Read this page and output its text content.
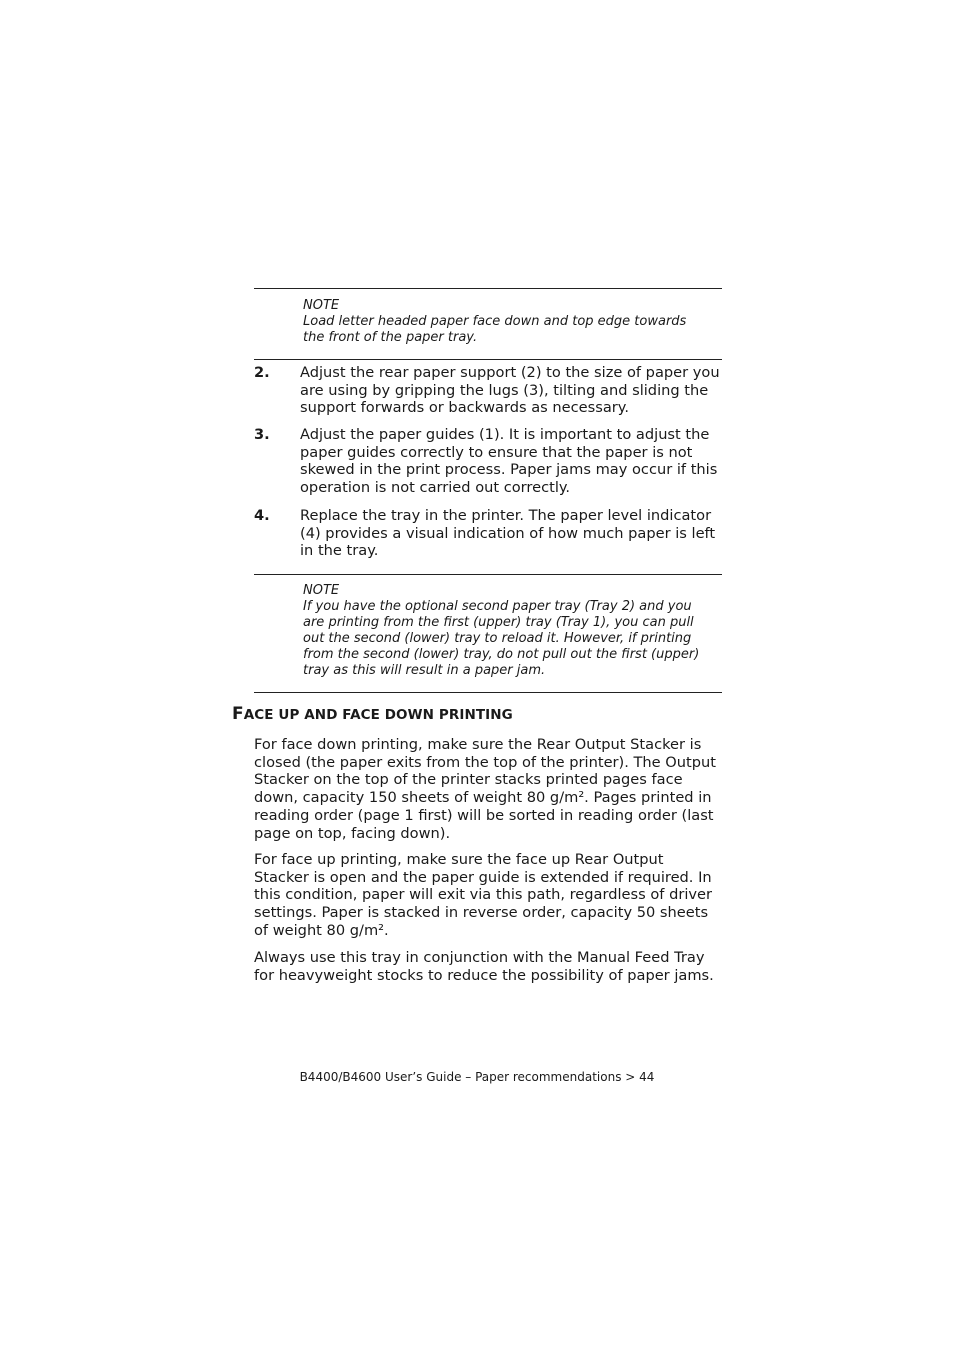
NOTE
Load letter headed paper face down and top edge towards the front of the paper tray.
2. Adjust the rear paper support (2) to the size of paper you are using by gripping the lugs (3), tilting and sliding the support forwards or backwards as necessary.
3. Adjust the paper guides (1). It is important to adjust the paper guides correctly to ensure that the paper is not skewed in the print process. Paper jams may occur if this operation is not carried out correctly.
4. Replace the tray in the printer. The paper level indicator (4) provides a visual indication of how much paper is left in the tray.
NOTE
If you have the optional second paper tray (Tray 2) and you are printing from the first (upper) tray (Tray 1), you can pull out the second (lower) tray to reload it. However, if printing from the second (lower) tray, do not pull out the first (upper) tray as this will result in a paper jam.
FACE UP AND FACE DOWN PRINTING
For face down printing, make sure the Rear Output Stacker is closed (the paper exits from the top of the printer). The Output Stacker on the top of the printer stacks printed pages face down, capacity 150 sheets of weight 80 g/m². Pages printed in reading order (page 1 first) will be sorted in reading order (last page on top, facing down).
For face up printing, make sure the face up Rear Output Stacker is open and the paper guide is extended if required. In this condition, paper will exit via this path, regardless of driver settings. Paper is stacked in reverse order, capacity 50 sheets of weight 80 g/m².
Always use this tray in conjunction with the Manual Feed Tray for heavyweight stocks to reduce the possibility of paper jams.
B4400/B4600 User’s Guide – Paper recommendations > 44
